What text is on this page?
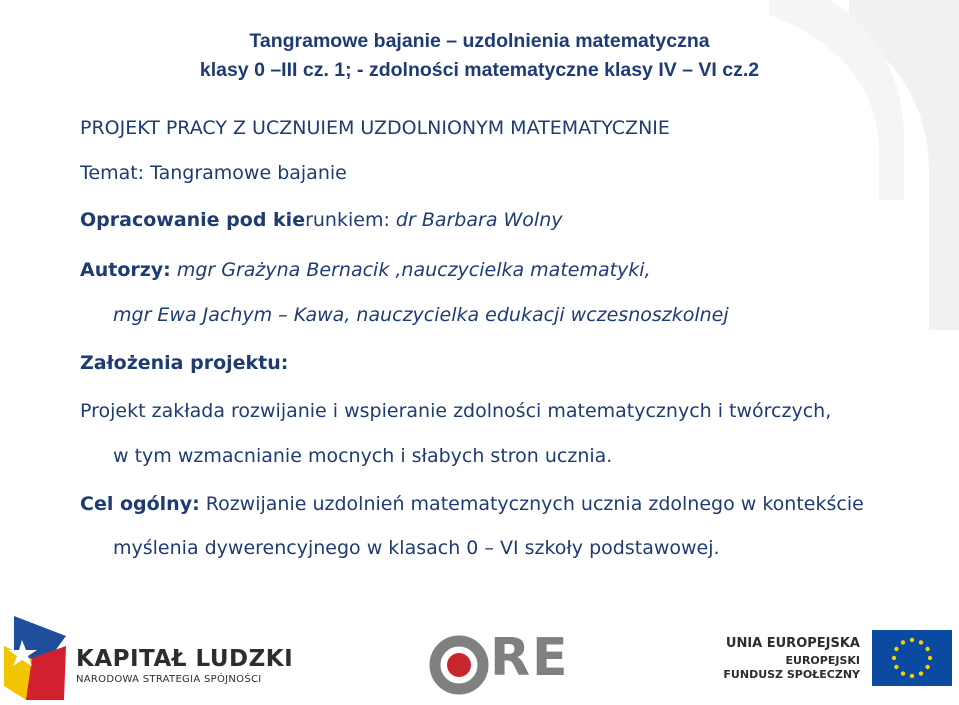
Tangramowe bajanie – uzdolnienia matematyczna
klasy 0 –III cz. 1; - zdolności matematyczne klasy IV – VI cz.2
PROJEKT PRACY Z UCZNUIEM UZDOLNIONYM MATEMATYCZNIE
Temat: Tangramowe bajanie
Opracowanie pod kierunkiem: dr Barbara Wolny
Autorzy: mgr Grażyna Bernacik ,nauczycielka matematyki,
mgr Ewa Jachym – Kawa, nauczycielka edukacji wczesnoszkolnej
Założenia projektu:
Projekt zakłada rozwijanie i wspieranie zdolności matematycznych i twórczych,
w tym wzmacnianie mocnych i słabych stron ucznia.
Cel ogólny: Rozwijanie uzdolnień matematycznych ucznia zdolnego w kontekście
myślenia dywerencyjnego w klasach 0 – VI szkoły podstawowej.
KAPITAŁ LUDZKI
NARODOWA STRATEGIA SPÓJNOŚCI	RE	UNIA EUROPEJSKA
EUROPEJSKI
FUNDUSZ SPOŁECZNY
